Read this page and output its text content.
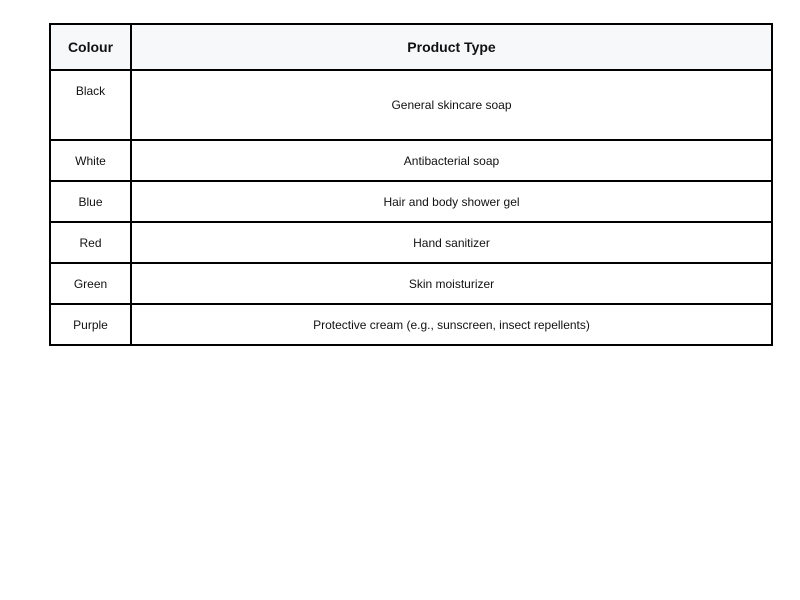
Colour	Product Type
Black	General skincare soap
White	Antibacterial soap
Blue	Hair and body shower gel
Red	Hand sanitizer
Green	Skin moisturizer
Purple	Protective cream (e.g., sunscreen, insect repellents)
